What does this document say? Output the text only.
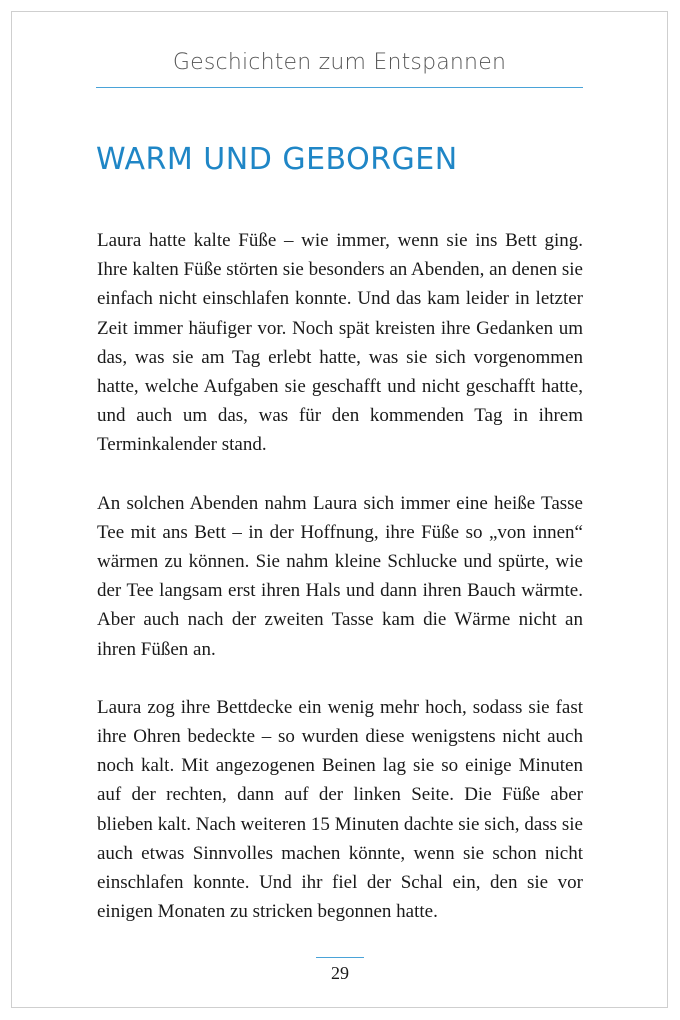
Geschichten zum Entspannen
WARM UND GEBORGEN

Laura hatte kalte Füße – wie immer, wenn sie ins Bett ging. Ihre kalten Füße störten sie besonders an Abenden, an denen sie einfach nicht einschlafen konnte. Und das kam leider in letzter Zeit immer häufiger vor. Noch spät kreisten ihre Gedanken um das, was sie am Tag erlebt hatte, was sie sich vorgenommen hatte, welche Aufgaben sie geschafft und nicht geschafft hatte, und auch um das, was für den kommenden Tag in ihrem Terminkalender stand.

An solchen Abenden nahm Laura sich immer eine heiße Tasse Tee mit ans Bett – in der Hoffnung, ihre Füße so „von innen“ wärmen zu können. Sie nahm kleine Schlucke und spürte, wie der Tee langsam erst ihren Hals und dann ihren Bauch wärmte. Aber auch nach der zweiten Tasse kam die Wärme nicht an ihren Füßen an.

Laura zog ihre Bettdecke ein wenig mehr hoch, sodass sie fast ihre Ohren bedeckte – so wurden diese wenigstens nicht auch noch kalt. Mit angezogenen Beinen lag sie so einige Minuten auf der rechten, dann auf der linken Seite. Die Füße aber blieben kalt. Nach weiteren 15 Minuten dachte sie sich, dass sie auch etwas Sinnvolles machen könnte, wenn sie schon nicht einschlafen konnte. Und ihr fiel der Schal ein, den sie vor einigen Monaten zu stricken begonnen hatte.

29
